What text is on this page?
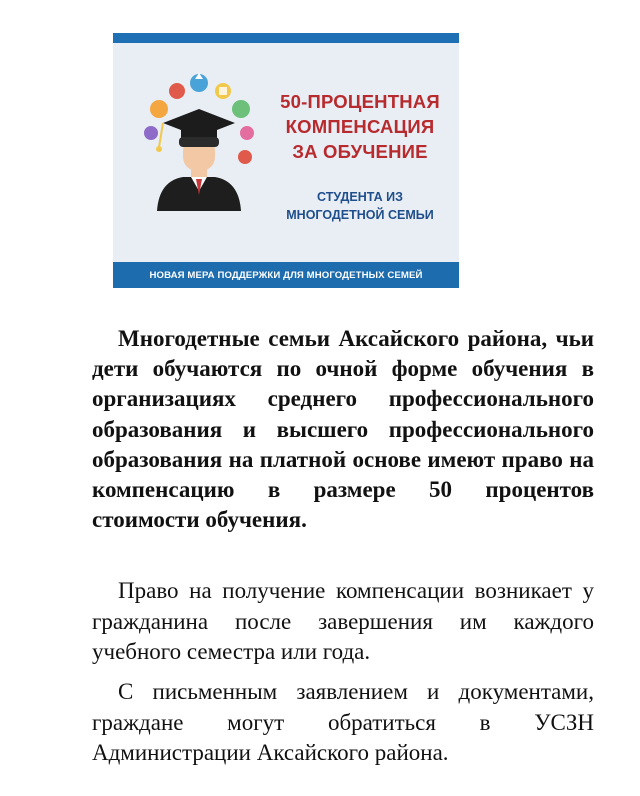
50-ПРОЦЕНТНАЯ
КОМПЕНСАЦИЯ
ЗА ОБУЧЕНИЕ
СТУДЕНТА ИЗ
МНОГОДЕТНОЙ СЕМЬИ
НОВАЯ МЕРА ПОДДЕРЖКИ ДЛЯ МНОГОДЕТНЫХ СЕМЕЙ

Многодетные семьи Аксайского района, чьи дети обучаются по очной форме обучения в организациях среднего профессионального образования и высшего профессионального образования на платной основе имеют право на компенсацию в размере 50 процентов стоимости обучения.

Право на получение компенсации возникает у гражданина после завершения им каждого учебного семестра или года.

С письменным заявлением и документами, граждане могут обратиться в УСЗН Администрации Аксайского района.
